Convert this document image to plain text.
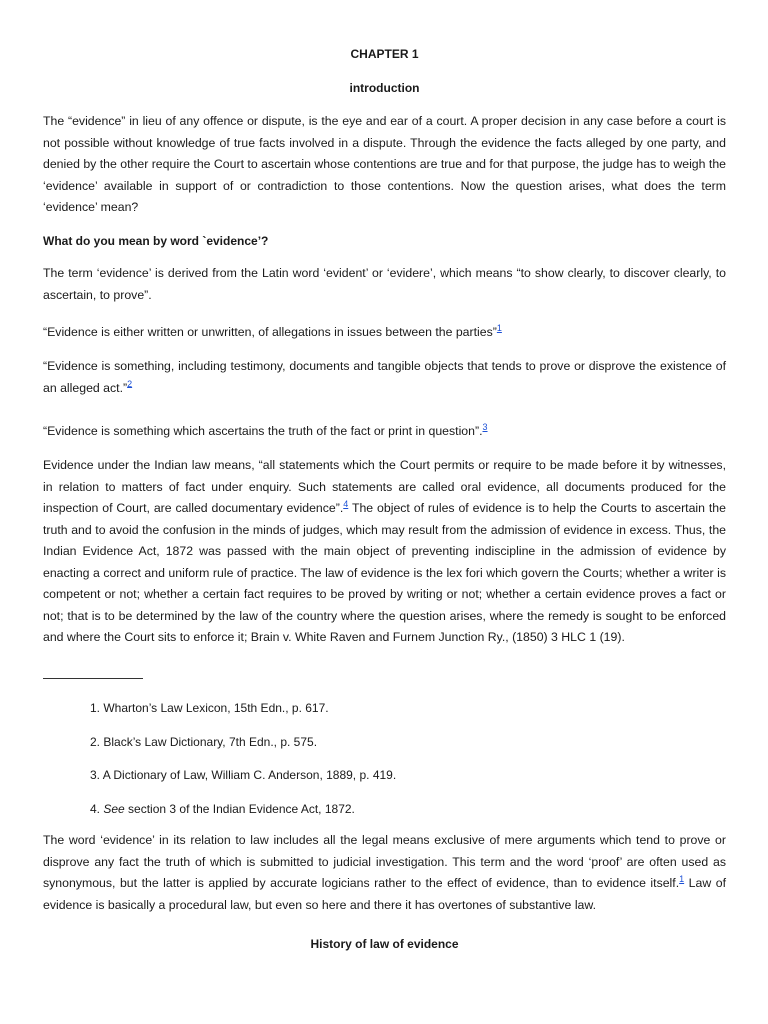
CHAPTER 1
introduction

The “evidence” in lieu of any offence or dispute, is the eye and ear of a court. A proper decision in any case before a court is not possible without knowledge of true facts involved in a dispute. Through the evidence the facts alleged by one party, and denied by the other require the Court to ascertain whose contentions are true and for that purpose, the judge has to weigh the ‘evidence’ available in support of or contradiction to those contentions. Now the question arises, what does the term ‘evidence’ mean?

What do you mean by word `evidence’?

The term ‘evidence’ is derived from the Latin word ‘evident’ or ‘evidere’, which means “to show clearly, to discover clearly, to ascertain, to prove”.

“Evidence is either written or unwritten, of allegations in issues between the parties”$^1$

“Evidence is something, including testimony, documents and tangible objects that tends to prove or disprove the existence of an alleged act.”$^2$

“Evidence is something which ascertains the truth of the fact or print in question”.$^3$

Evidence under the Indian law means, “all statements which the Court permits or require to be made before it by witnesses, in relation to matters of fact under enquiry. Such statements are called oral evidence, all documents produced for the inspection of Court, are called documentary evidence”.$^4$ The object of rules of evidence is to help the Courts to ascertain the truth and to avoid the confusion in the minds of judges, which may result from the admission of evidence in excess. Thus, the Indian Evidence Act, 1872 was passed with the main object of preventing indiscipline in the admission of evidence by enacting a correct and uniform rule of practice. The law of evidence is the lex fori which govern the Courts; whether a writer is competent or not; whether a certain fact requires to be proved by writing or not; whether a certain evidence proves a fact or not; that is to be determined by the law of the country where the question arises, where the remedy is sought to be enforced and where the Court sits to enforce it; Brain v. White Raven and Furnem Junction Ry., (1850) 3 HLC 1 (19).

1. Wharton’s Law Lexicon, 15th Edn., p. 617.
2. Black’s Law Dictionary, 7th Edn., p. 575.
3. A Dictionary of Law, William C. Anderson, 1889, p. 419.
4. See section 3 of the Indian Evidence Act, 1872.

The word ‘evidence’ in its relation to law includes all the legal means exclusive of mere arguments which tend to prove or disprove any fact the truth of which is submitted to judicial investigation. This term and the word ‘proof’ are often used as synonymous, but the latter is applied by accurate logicians rather to the effect of evidence, than to evidence itself.$^1$ Law of evidence is basically a procedural law, but even so here and there it has overtones of substantive law.

History of law of evidence
